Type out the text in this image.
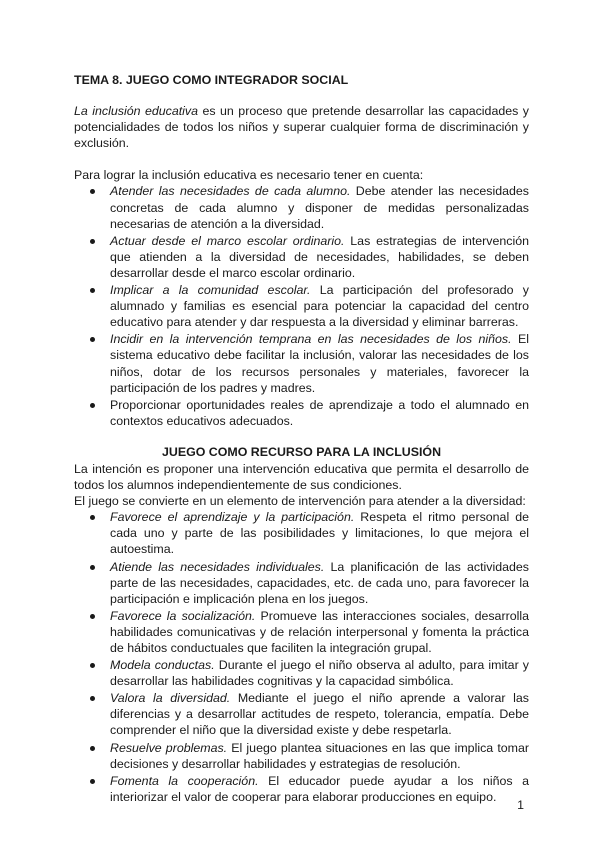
TEMA 8. JUEGO COMO INTEGRADOR SOCIAL

La inclusión educativa es un proceso que pretende desarrollar las capacidades y potencialidades de todos los niños y superar cualquier forma de discriminación y exclusión.

Para lograr la inclusión educativa es necesario tener en cuenta:

Atender las necesidades de cada alumno. Debe atender las necesidades concretas de cada alumno y disponer de medidas personalizadas necesarias de atención a la diversidad.
Actuar desde el marco escolar ordinario. Las estrategias de intervención que atienden a la diversidad de necesidades, habilidades, se deben desarrollar desde el marco escolar ordinario.
Implicar a la comunidad escolar. La participación del profesorado y alumnado y familias es esencial para potenciar la capacidad del centro educativo para atender y dar respuesta a la diversidad y eliminar barreras.
Incidir en la intervención temprana en las necesidades de los niños. El sistema educativo debe facilitar la inclusión, valorar las necesidades de los niños, dotar de los recursos personales y materiales, favorecer la participación de los padres y madres.
Proporcionar oportunidades reales de aprendizaje a todo el alumnado en contextos educativos adecuados.

JUEGO COMO RECURSO PARA LA INCLUSIÓN

La intención es proponer una intervención educativa que permita el desarrollo de todos los alumnos independientemente de sus condiciones.

El juego se convierte en un elemento de intervención para atender a la diversidad:

Favorece el aprendizaje y la participación. Respeta el ritmo personal de cada uno y parte de las posibilidades y limitaciones, lo que mejora el autoestima.
Atiende las necesidades individuales. La planificación de las actividades parte de las necesidades, capacidades, etc. de cada uno, para favorecer la participación e implicación plena en los juegos.
Favorece la socialización. Promueve las interacciones sociales, desarrolla habilidades comunicativas y de relación interpersonal y fomenta la práctica de hábitos conductuales que faciliten la integración grupal.
Modela conductas. Durante el juego el niño observa al adulto, para imitar y desarrollar las habilidades cognitivas y la capacidad simbólica.
Valora la diversidad. Mediante el juego el niño aprende a valorar las diferencias y a desarrollar actitudes de respeto, tolerancia, empatía. Debe comprender el niño que la diversidad existe y debe respetarla.
Resuelve problemas. El juego plantea situaciones en las que implica tomar decisiones y desarrollar habilidades y estrategias de resolución.
Fomenta la cooperación. El educador puede ayudar a los niños a interiorizar el valor de cooperar para elaborar producciones en equipo.
1
